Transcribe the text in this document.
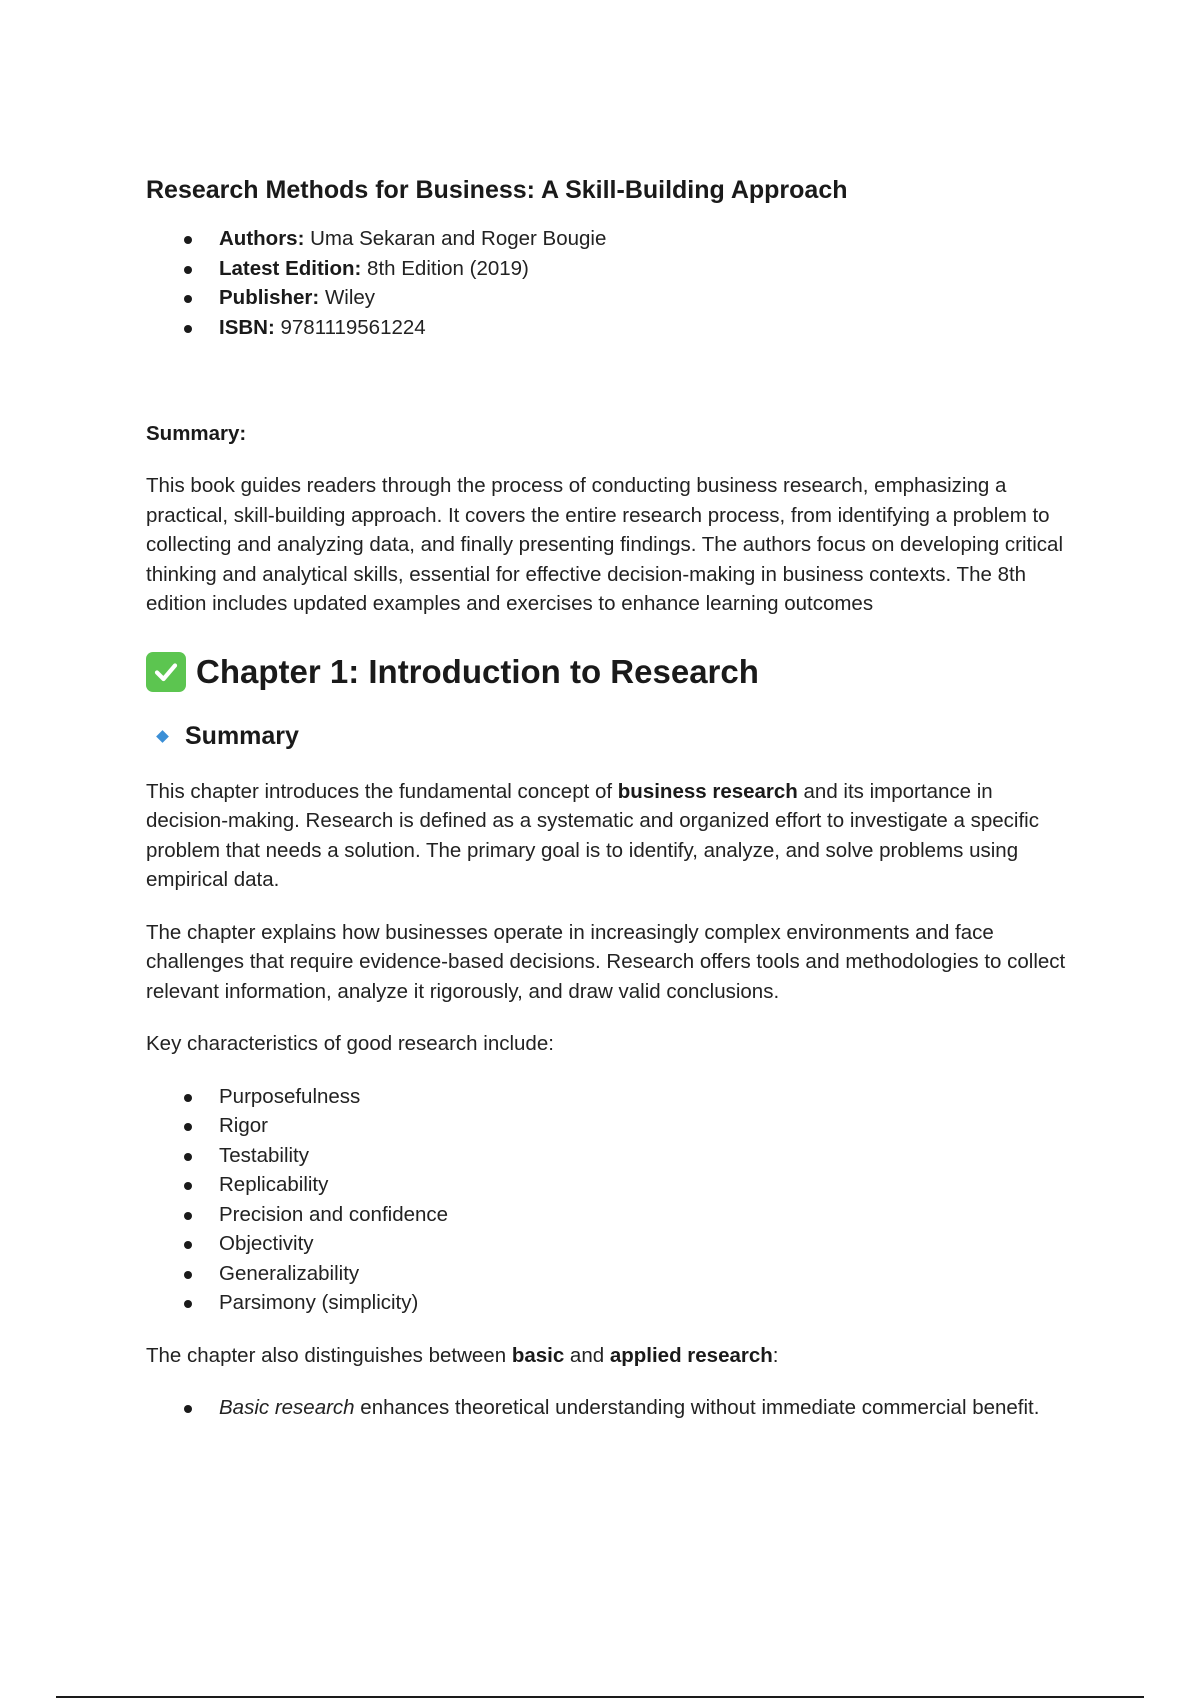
Research Methods for Business: A Skill-Building Approach
Authors: Uma Sekaran and Roger Bougie
Latest Edition: 8th Edition (2019)
Publisher: Wiley
ISBN: 9781119561224
Summary:

This book guides readers through the process of conducting business research, emphasizing a practical, skill-building approach. It covers the entire research process, from identifying a problem to collecting and analyzing data, and finally presenting findings. The authors focus on developing critical thinking and analytical skills, essential for effective decision-making in business contexts. The 8th edition includes updated examples and exercises to enhance learning outcomes

Chapter 1: Introduction to Research
Summary

This chapter introduces the fundamental concept of business research and its importance in decision-making. Research is defined as a systematic and organized effort to investigate a specific problem that needs a solution. The primary goal is to identify, analyze, and solve problems using empirical data.

The chapter explains how businesses operate in increasingly complex environments and face challenges that require evidence-based decisions. Research offers tools and methodologies to collect relevant information, analyze it rigorously, and draw valid conclusions.

Key characteristics of good research include:

Purposefulness
Rigor
Testability
Replicability
Precision and confidence
Objectivity
Generalizability
Parsimony (simplicity)

The chapter also distinguishes between basic and applied research:

Basic research enhances theoretical understanding without immediate commercial benefit.
